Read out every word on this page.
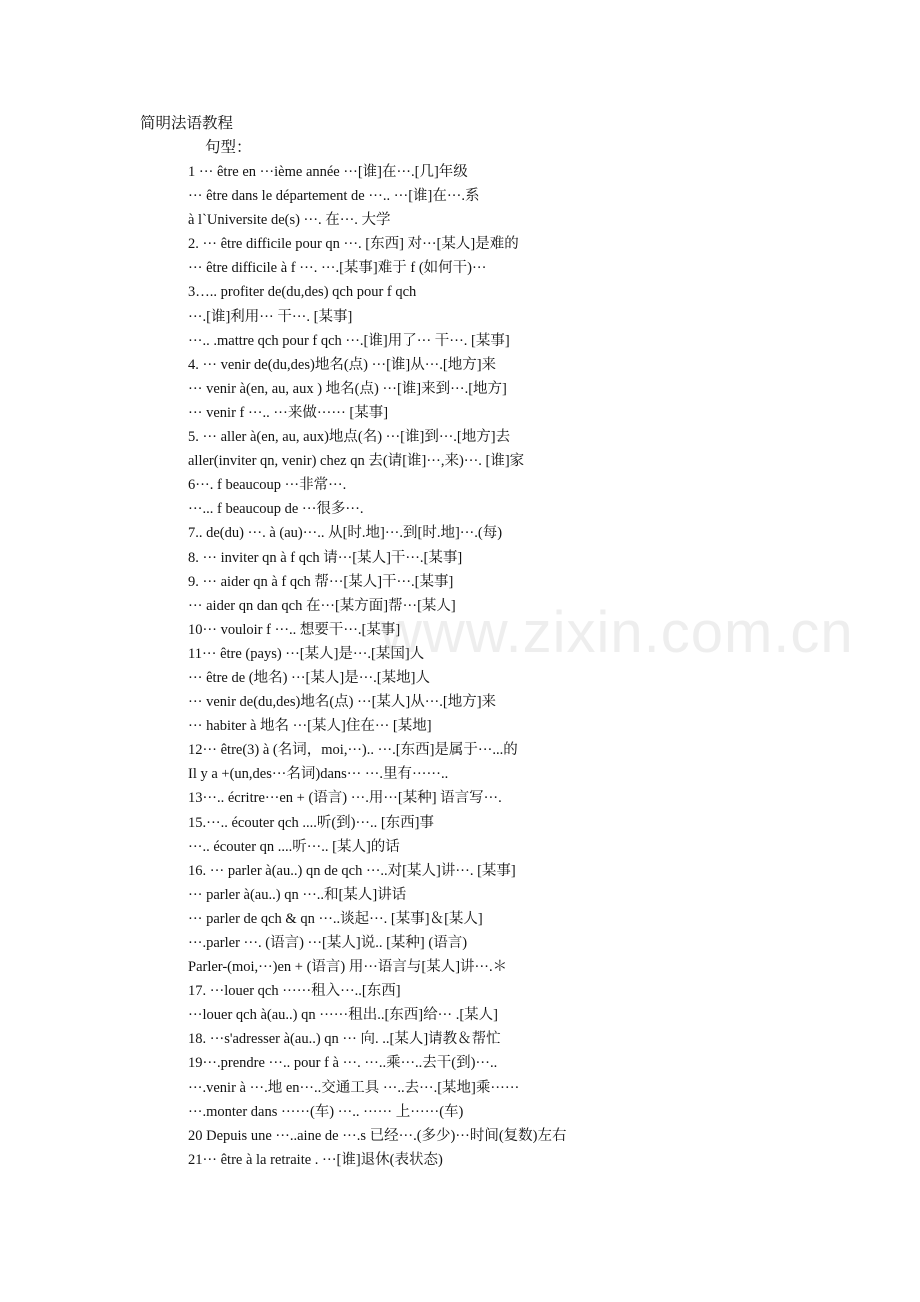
简明法语教程
句型：
1 ··· être en ···ième année ···[谁]在···.[几]年级
··· être dans le département de ···.. ···[谁]在···.系
à l`Universite de(s) ···. 在···. 大学
2. ··· être difficile pour qn ···. [东西] 对···[某人]是难的
··· être difficile à f ···. ···.[某事]难于 f (如何干)···
3….. profiter de(du,des) qch pour f qch
···.[谁]利用··· 干···. [某事]
···.. .mattre qch pour f qch ···.[谁]用了··· 干···. [某事]
4. ··· venir de(du,des)地名(点) ···[谁]从···.[地方]来
··· venir à(en, au, aux ) 地名(点) ···[谁]来到···.[地方]
··· venir f ···.. ···来做······ [某事]
5. ··· aller à(en, au, aux)地点(名) ···[谁]到···.[地方]去
aller(inviter qn, venir) chez qn 去(请[谁]···,来)···. [谁]家
6···. f beaucoup ···非常···.
···... f beaucoup de ···很多···.
7.. de(du) ···. à (au)···.. 从[时.地]···.到[时.地]···.(每)
8. ··· inviter qn à f qch 请···[某人]干···.[某事]
9. ··· aider qn à f qch 帮···[某人]干···.[某事]
··· aider qn dan qch 在···[某方面]帮···[某人]
10··· vouloir f ···.. 想要干···.[某事]
11··· être (pays) ···[某人]是···.[某国]人
··· être de (地名) ···[某人]是···.[某地]人
··· venir de(du,des)地名(点) ···[某人]从···.[地方]来
··· habiter à 地名 ···[某人]住在··· [某地]
12··· être(3) à (名词，moi,···).. ···.[东西]是属于···...的
Il y a +(un,des···名词)dans··· ···.里有······..
13···.. écritre···en + (语言) ···.用···[某种] 语言写···.
15.···.. écouter qch ....听(到)···.. [东西]事
···.. écouter qn ....听···.. [某人]的话
16. ··· parler à(au..) qn de qch ···..对[某人]讲···. [某事]
··· parler à(au..) qn ···..和[某人]讲话
··· parler de qch & qn ···..谈起···. [某事]＆[某人]
···.parler ···. (语言) ···[某人]说.. [某种] (语言)
Parler-(moi,···)en + (语言) 用···语言与[某人]讲···.＊
17. ···louer qch ······租入···..[东西]
···louer qch à(au..) qn ······租出..[东西]给··· .[某人]
18. ···s'adresser à(au..) qn ··· 向. ..[某人]请教＆帮忙
19···.prendre ···.. pour f à ···. ···..乘···..去干(到)···..
···.venir à ···.地 en···..交通工具 ···..去···.[某地]乘······
···.monter dans ······(车) ···.. ······ 上······(车)
20 Depuis une ···..aine de ···.s 已经···.(多少)···时间(复数)左右
21··· être à la retraite . ···[谁]退休(表状态)
www.zixin.com.cn
